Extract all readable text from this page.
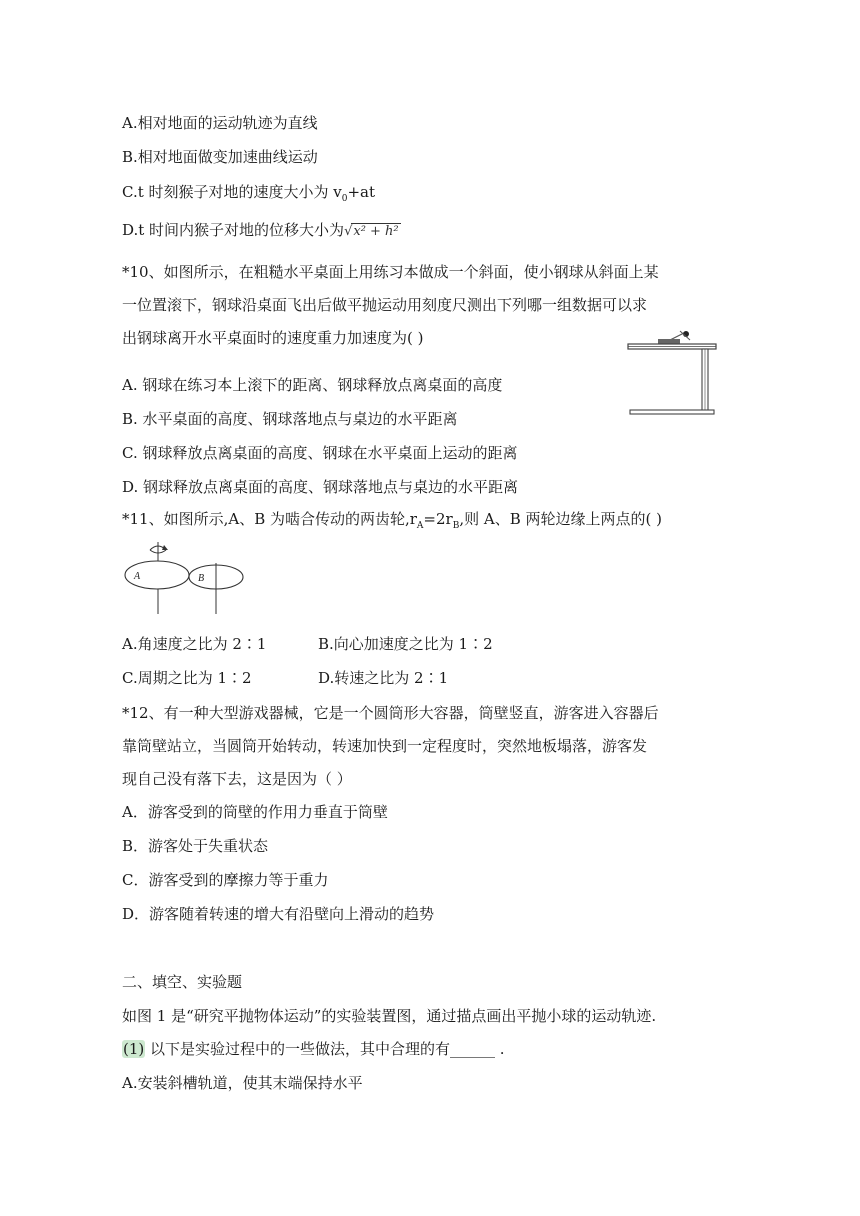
A.相对地面的运动轨迹为直线
B.相对地面做变加速曲线运动
C.t 时刻猴子对地的速度大小为 $v_0+at$
D.t 时间内猴子对地的位移大小为√x² + h²
*10、如图所示，在粗糙水平桌面上用练习本做成一个斜面，使小钢球从斜面上某
一位置滚下，钢球沿桌面飞出后做平抛运动用刻度尺测出下列哪一组数据可以求
出钢球离开水平桌面时的速度重力加速度为( )
A. 钢球在练习本上滚下的距离、钢球释放点离桌面的高度
B. 水平桌面的高度、钢球落地点与桌边的水平距离
C. 钢球释放点离桌面的高度、钢球在水平桌面上运动的距离
D. 钢球释放点离桌面的高度、钢球落地点与桌边的水平距离
*11、如图所示,A、B 为啮合传动的两齿轮$,r_A=2r_B$,则 A、B 两轮边缘上两点的( )
A	B
A.角速度之比为 2∶1	B.向心加速度之比为 1∶2
C.周期之比为 1∶2	D.转速之比为 2∶1
*12、有一种大型游戏器械，它是一个圆筒形大容器，筒壁竖直，游客进入容器后
靠筒壁站立，当圆筒开始转动，转速加快到一定程度时，突然地板塌落，游客发
现自己没有落下去，这是因为（ ）
A．游客受到的筒壁的作用力垂直于筒壁
B．游客处于失重状态
C．游客受到的摩擦力等于重力
D．游客随着转速的增大有沿壁向上滑动的趋势
二、填空、实验题
如图 1 是“研究平抛物体运动”的实验装置图，通过描点画出平抛小球的运动轨迹.
(1) 以下是实验过程中的一些做法，其中合理的有______ .
A.安装斜槽轨道，使其末端保持水平
